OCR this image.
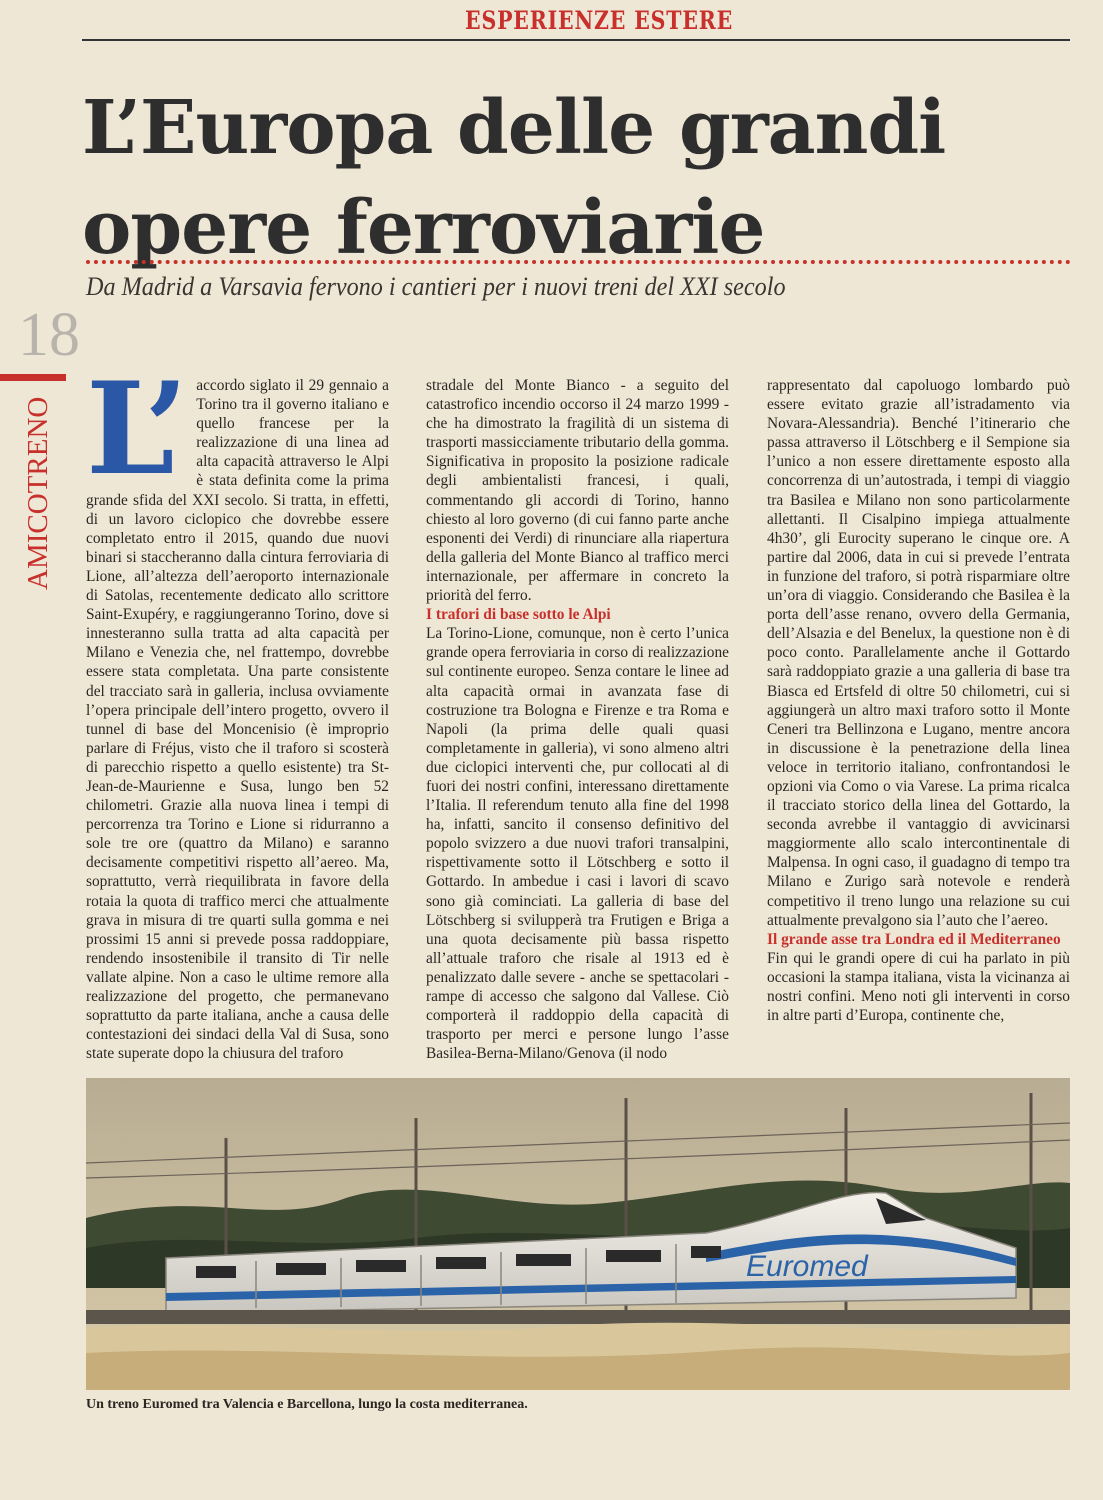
ESPERIENZE ESTERE
L’Europa delle grandi opere ferroviarie
Da Madrid a Varsavia fervono i cantieri per i nuovi treni del XXI secolo
18
AMICOTRENO L’ accordo siglato il 29 gennaio a Torino tra il governo italiano e quello francese per la realizzazione di una linea ad alta capacità attraverso le Alpi è stata definita come la prima grande sfida del XXI secolo. Si tratta, in effetti, di un lavoro ciclopico che dovrebbe essere completato entro il 2015, quando due nuovi binari si staccheranno dalla cintura ferroviaria di Lione, all’altezza dell’aeroporto internazionale di Satolas, recentemente dedicato allo scrittore Saint-Exupéry, e raggiungeranno Torino, dove si innesteranno sulla tratta ad alta capacità per Milano e Venezia che, nel frattempo, dovrebbe essere stata completata. Una parte consistente del tracciato sarà in galleria, inclusa ovviamente l’opera principale dell’intero progetto, ovvero il tunnel di base del Moncenisio (è improprio parlare di Fréjus, visto che il traforo si scosterà di parecchio rispetto a quello esistente) tra St-Jean-de-Maurienne e Susa, lungo ben 52 chilometri. Grazie alla nuova linea i tempi di percorrenza tra Torino e Lione si ridurranno a sole tre ore (quattro da Milano) e saranno decisamente competitivi rispetto all’aereo. Ma, soprattutto, verrà riequilibrata in favore della rotaia la quota di traffico merci che attualmente grava in misura di tre quarti sulla gomma e nei prossimi 15 anni si prevede possa raddoppiare, rendendo insostenibile il transito di Tir nelle vallate alpine. Non a caso le ultime remore alla realizzazione del progetto, che permanevano soprattutto da parte italiana, anche a causa delle contestazioni dei sindaci della Val di Susa, sono state superate dopo la chiusura del traforo

stradale del Monte Bianco - a seguito del catastrofico incendio occorso il 24 marzo 1999 - che ha dimostrato la fragilità di un sistema di trasporti massicciamente tributario della gomma. Significativa in proposito la posizione radicale degli ambientalisti francesi, i quali, commentando gli accordi di Torino, hanno chiesto al loro governo (di cui fanno parte anche esponenti dei Verdi) di rinunciare alla riapertura della galleria del Monte Bianco al traffico merci internazionale, per affermare in concreto la priorità del ferro.

I trafori di base sotto le Alpi

La Torino-Lione, comunque, non è certo l’unica grande opera ferroviaria in corso di realizzazione sul continente europeo. Senza contare le linee ad alta capacità ormai in avanzata fase di costruzione tra Bologna e Firenze e tra Roma e Napoli (la prima delle quali quasi completamente in galleria), vi sono almeno altri due ciclopici interventi che, pur collocati al di fuori dei nostri confini, interessano direttamente l’Italia. Il referendum tenuto alla fine del 1998 ha, infatti, sancito il consenso definitivo del popolo svizzero a due nuovi trafori transalpini, rispettivamente sotto il Lötschberg e sotto il Gottardo. In ambedue i casi i lavori di scavo sono già cominciati. La galleria di base del Lötschberg si svilupperà tra Frutigen e Briga a una quota decisamente più bassa rispetto all’attuale traforo che risale al 1913 ed è penalizzato dalle severe - anche se spettacolari - rampe di accesso che salgono dal Vallese. Ciò comporterà il raddoppio della capacità di trasporto per merci e persone lungo l’asse Basilea-Berna-Milano/Genova (il nodo

Euromed
Un treno Euromed tra Valencia e Barcellona, lungo la costa mediterranea.

rappresentato dal capoluogo lombardo può essere evitato grazie all’istradamento via Novara-Alessandria). Benché l’itinerario che passa attraverso il Lötschberg e il Sempione sia l’unico a non essere direttamente esposto alla concorrenza di un’autostrada, i tempi di viaggio tra Basilea e Milano non sono particolarmente allettanti. Il Cisalpino impiega attualmente 4h30’, gli Eurocity superano le cinque ore. A partire dal 2006, data in cui si prevede l’entrata in funzione del traforo, si potrà risparmiare oltre un’ora di viaggio. Considerando che Basilea è la porta dell’asse renano, ovvero della Germania, dell’Alsazia e del Benelux, la questione non è di poco conto. Parallelamente anche il Gottardo sarà raddoppiato grazie a una galleria di base tra Biasca ed Ertsfeld di oltre 50 chilometri, cui si aggiungerà un altro maxi traforo sotto il Monte Ceneri tra Bellinzona e Lugano, mentre ancora in discussione è la penetrazione della linea veloce in territorio italiano, confrontandosi le opzioni via Como o via Varese. La prima ricalca il tracciato storico della linea del Gottardo, la seconda avrebbe il vantaggio di avvicinarsi maggiormente allo scalo intercontinentale di Malpensa. In ogni caso, il guadagno di tempo tra Milano e Zurigo sarà notevole e renderà competitivo il treno lungo una relazione su cui attualmente prevalgono sia l’auto che l’aereo.

Il grande asse tra Londra ed il Mediterraneo

Fin qui le grandi opere di cui ha parlato in più occasioni la stampa italiana, vista la vicinanza ai nostri confini. Meno noti gli interventi in corso in altre parti d’Europa, continente che,
